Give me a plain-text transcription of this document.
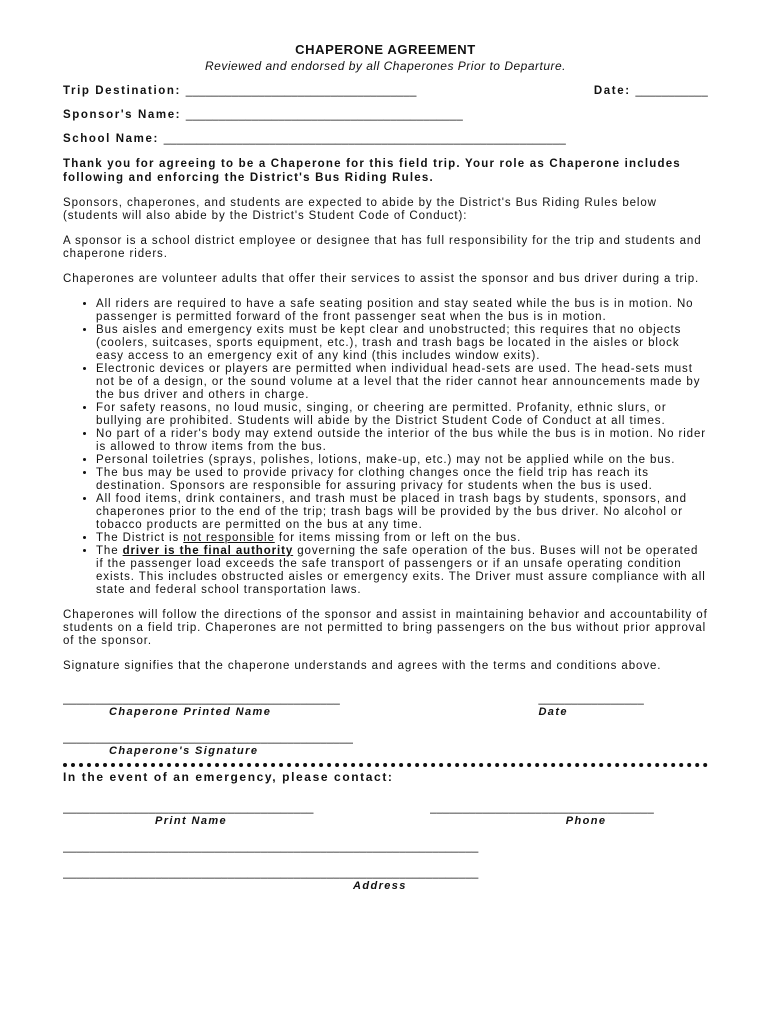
CHAPERONE AGREEMENT

Reviewed and endorsed by all Chaperones Prior to Departure.

Trip Destination: ___________________________________	Date: ___________
Sponsor's Name: __________________________________________
School Name: _____________________________________________________________
Thank you for agreeing to be a Chaperone for this field trip. Your role as Chaperone includes following and enforcing the District's Bus Riding Rules.

Sponsors, chaperones, and students are expected to abide by the District's Bus Riding Rules below (students will also abide by the District's Student Code of Conduct):

A sponsor is a school district employee or designee that has full responsibility for the trip and students and chaperone riders.

Chaperones are volunteer adults that offer their services to assist the sponsor and bus driver during a trip.

• All riders are required to have a safe seating position and stay seated while the bus is in motion. No passenger is permitted forward of the front passenger seat when the bus is in motion.
• Bus aisles and emergency exits must be kept clear and unobstructed; this requires that no objects (coolers, suitcases, sports equipment, etc.), trash and trash bags be located in the aisles or block easy access to an emergency exit of any kind (this includes window exits).
• Electronic devices or players are permitted when individual head-sets are used. The head-sets must not be of a design, or the sound volume at a level that the rider cannot hear announcements made by the bus driver and others in charge.
• For safety reasons, no loud music, singing, or cheering are permitted. Profanity, ethnic slurs, or bullying are prohibited. Students will abide by the District Student Code of Conduct at all times.
• No part of a rider's body may extend outside the interior of the bus while the bus is in motion. No rider is allowed to throw items from the bus.
• Personal toiletries (sprays, polishes, lotions, make-up, etc.) may not be applied while on the bus.
• The bus may be used to provide privacy for clothing changes once the field trip has reach its destination. Sponsors are responsible for assuring privacy for students when the bus is used.
• All food items, drink containers, and trash must be placed in trash bags by students, sponsors, and chaperones prior to the end of the trip; trash bags will be provided by the bus driver. No alcohol or tobacco products are permitted on the bus at any time.
• The District is not responsible for items missing from or left on the bus.
• The driver is the final authority governing the safe operation of the bus. Buses will not be operated if the passenger load exceeds the safe transport of passengers or if an unsafe operating condition exists. This includes obstructed aisles or emergency exits. The Driver must assure compliance with all state and federal school transportation laws.

Chaperones will follow the directions of the sponsor and assist in maintaining behavior and accountability of students on a field trip. Chaperones are not permitted to bring passengers on the bus without prior approval of the sponsor.

Signature signifies that the chaperone understands and agrees with the terms and conditions above.

__________________________________________
Chaperone Printed Name
________________
Date
____________________________________________
Chaperone's Signature
In the event of an emergency, please contact:
______________________________________
Print Name
__________________________________
Phone
_______________________________________________________________
_______________________________________________________________
Address
